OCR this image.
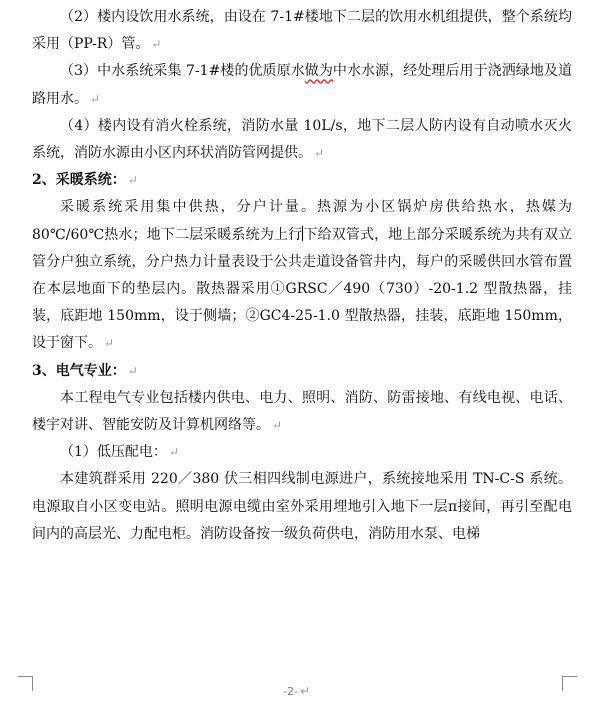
（2）楼内设饮用水系统，由设在 7-1#楼地下二层的饮用水机组提供，整个系统均采用（PP-R）管。 ↵

（3）中水系统采集 7-1#楼的优质原水做为中水水源，经处理后用于浇洒绿地及道路用水。 ↵

（4）楼内设有消火栓系统，消防水量 10L/s，地下二层人防内设有自动喷水灭火系统，消防水源由小区内环状消防管网提供。 ↵

2、采暖系统： ↵

采暖系统采用集中供热，分户计量。热源为小区锅炉房供给热水，热媒为 80℃/60℃热水；地下二层采暖系统为上行下给双管式，地上部分采暖系统为共有双立管分户独立系统，分户热力计量表设于公共走道设备管井内，每户的采暖供回水管布置在本层地面下的垫层内。散热器采用①GRSC／490（730）-20-1.2 型散热器，挂装，底距地 150mm，设于侧墙；②GC4-25-1.0 型散热器，挂装，底距地 150mm，设于窗下。 ↵

3、电气专业： ↵

本工程电气专业包括楼内供电、电力、照明、消防、防雷接地、有线电视、电话、楼宇对讲、智能安防及计算机网络等。 ↵

（1）低压配电： ↵

本建筑群采用 220／380 伏三相四线制电源进户，系统接地采用 TN-C-S 系统。电源取自小区变电站。照明电源电缆由室外采用埋地引入地下一层π接间，再引至配电间内的高层光、力配电柜。消防设备按一级负荷供电，消防用水泵、电梯

-2- ↵
